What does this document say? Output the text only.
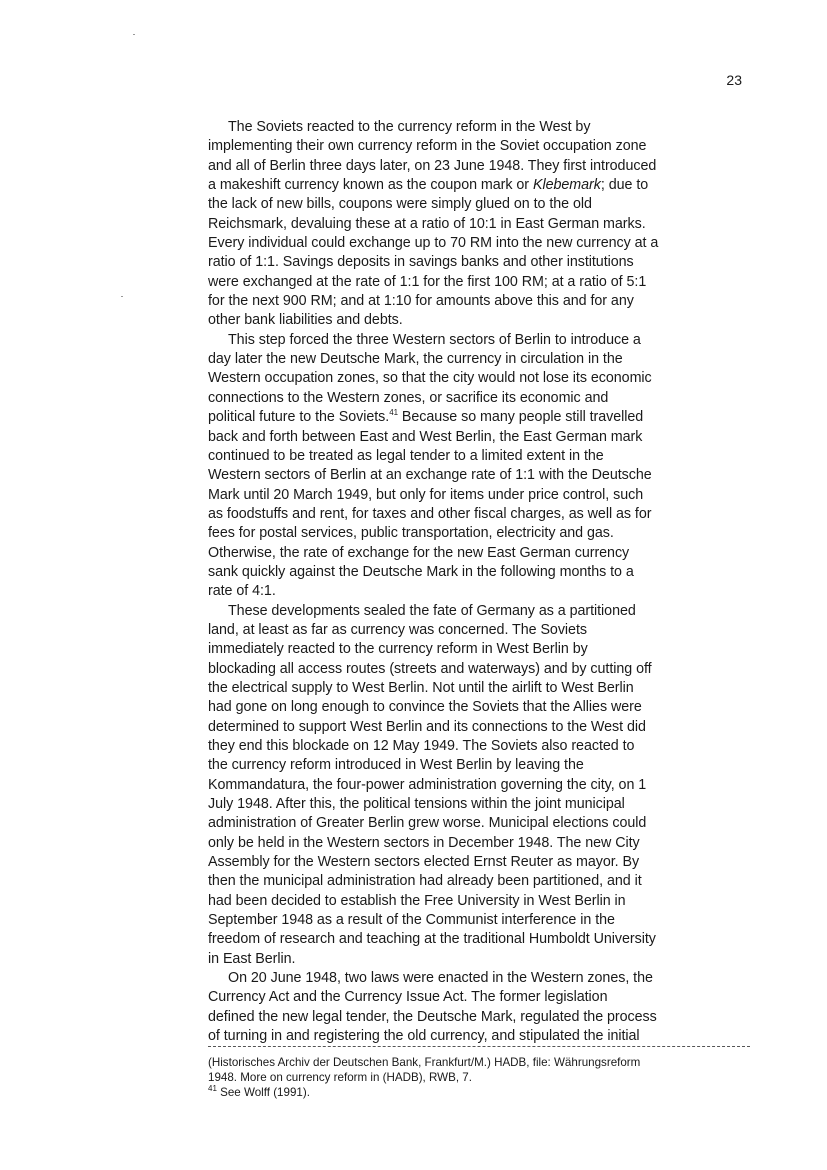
23

The Soviets reacted to the currency reform in the West by
implementing their own currency reform in the Soviet occupation zone
and all of Berlin three days later, on 23 June 1948. They first introduced
a makeshift currency known as the coupon mark or Klebemark; due to
the lack of new bills, coupons were simply glued on to the old
Reichsmark, devaluing these at a ratio of 10:1 in East German marks.
Every individual could exchange up to 70 RM into the new currency at a
ratio of 1:1. Savings deposits in savings banks and other institutions
were exchanged at the rate of 1:1 for the first 100 RM; at a ratio of 5:1
for the next 900 RM; and at 1:10 for amounts above this and for any
other bank liabilities and debts.

This step forced the three Western sectors of Berlin to introduce a
day later the new Deutsche Mark, the currency in circulation in the
Western occupation zones, so that the city would not lose its economic
connections to the Western zones, or sacrifice its economic and
political future to the Soviets.$^{41}$ Because so many people still travelled
back and forth between East and West Berlin, the East German mark
continued to be treated as legal tender to a limited extent in the
Western sectors of Berlin at an exchange rate of 1:1 with the Deutsche
Mark until 20 March 1949, but only for items under price control, such
as foodstuffs and rent, for taxes and other fiscal charges, as well as for
fees for postal services, public transportation, electricity and gas.
Otherwise, the rate of exchange for the new East German currency
sank quickly against the Deutsche Mark in the following months to a
rate of 4:1.

These developments sealed the fate of Germany as a partitioned
land, at least as far as currency was concerned. The Soviets
immediately reacted to the currency reform in West Berlin by
blockading all access routes (streets and waterways) and by cutting off
the electrical supply to West Berlin. Not until the airlift to West Berlin
had gone on long enough to convince the Soviets that the Allies were
determined to support West Berlin and its connections to the West did
they end this blockade on 12 May 1949. The Soviets also reacted to
the currency reform introduced in West Berlin by leaving the
Kommandatura, the four-power administration governing the city, on 1
July 1948. After this, the political tensions within the joint municipal
administration of Greater Berlin grew worse. Municipal elections could
only be held in the Western sectors in December 1948. The new City
Assembly for the Western sectors elected Ernst Reuter as mayor. By
then the municipal administration had already been partitioned, and it
had been decided to establish the Free University in West Berlin in
September 1948 as a result of the Communist interference in the
freedom of research and teaching at the traditional Humboldt University
in East Berlin.

On 20 June 1948, two laws were enacted in the Western zones, the
Currency Act and the Currency Issue Act. The former legislation
defined the new legal tender, the Deutsche Mark, regulated the process
of turning in and registering the old currency, and stipulated the initial

(Historisches Archiv der Deutschen Bank, Frankfurt/M.) HADB, file: Währungsreform
1948. More on currency reform in (HADB), RWB, 7.
$^{41}$ See Wolff (1991).
